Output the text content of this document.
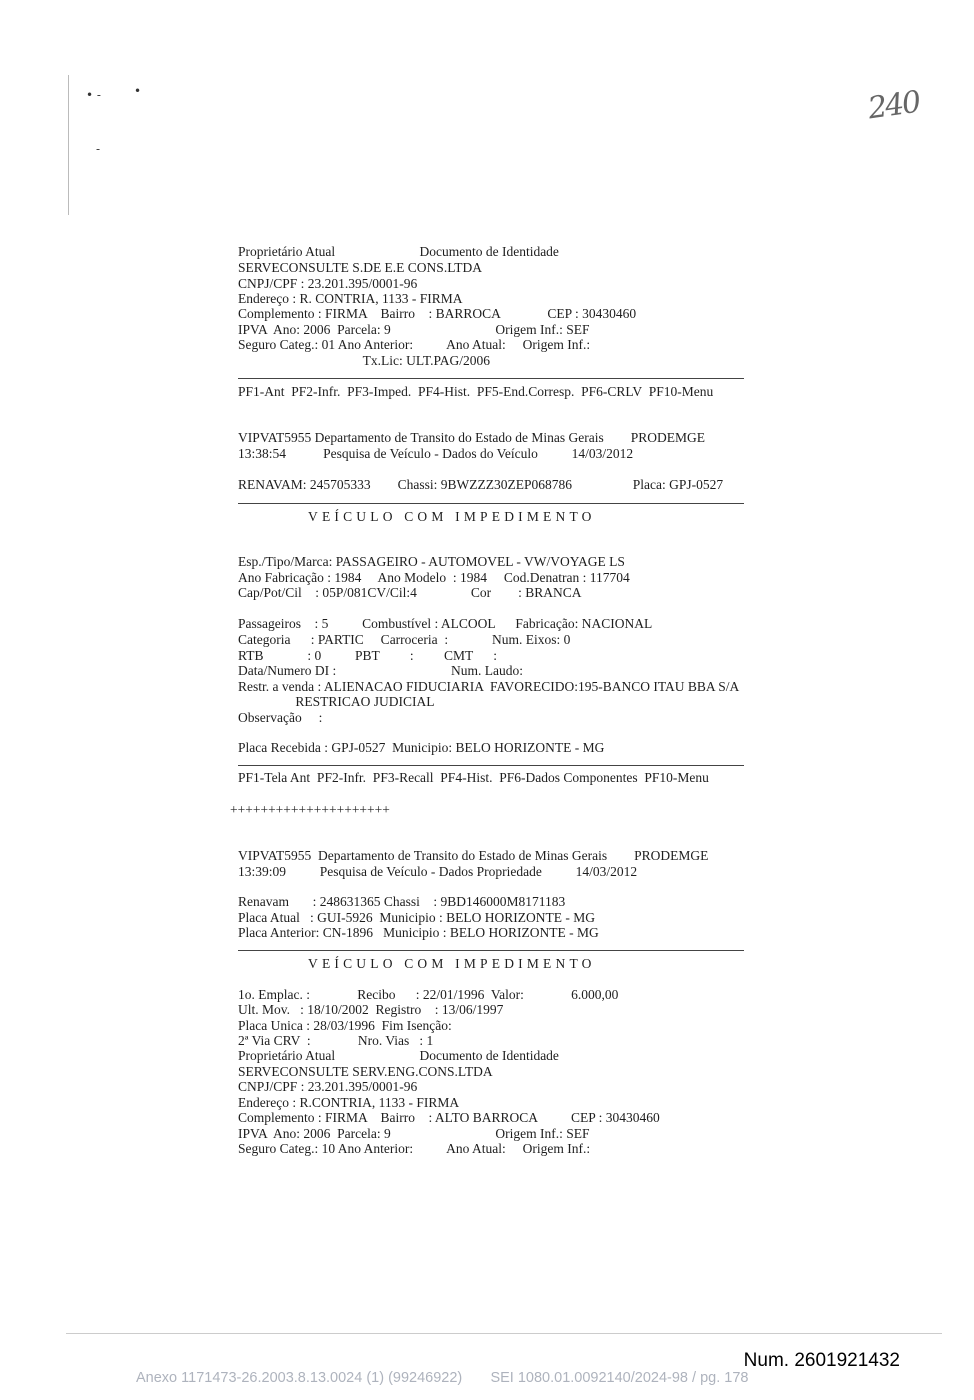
• -	•
-
240
Proprietário Atual                         Documento de Identidade
SERVECONSULTE S.DE E.E CONS.LTDA
CNPJ/CPF : 23.201.395/0001-96
Endereço : R. CONTRIA, 1133 - FIRMA
Complemento : FIRMA    Bairro    : BARROCA              CEP : 30430460
IPVA  Ano: 2006  Parcela: 9                               Origem Inf.: SEF
Seguro Categ.: 01 Ano Anterior:          Ano Atual:     Origem Inf.:
Tx.Lic: ULT.PAG/2006
PF1-Ant  PF2-Infr.  PF3-Imped.  PF4-Hist.  PF5-End.Corresp.  PF6-CRLV  PF10-Menu
VIPVAT5955 Departamento de Transito do Estado de Minas Gerais        PRODEMGE
13:38:54           Pesquisa de Veículo - Dados do Veículo          14/03/2012
RENAVAM: 245705333        Chassi: 9BWZZZ30ZEP068786                  Placa: GPJ-0527
VEÍCULO COM IMPEDIMENTO
Esp./Tipo/Marca: PASSAGEIRO - AUTOMOVEL - VW/VOYAGE LS
Ano Fabricação : 1984     Ano Modelo  : 1984     Cod.Denatran : 117704
Cap/Pot/Cil    : 05P/081CV/Cil:4                Cor        : BRANCA
Passageiros    : 5          Combustível : ALCOOL      Fabricação: NACIONAL
Categoria      : PARTIC     Carroceria  :             Num. Eixos: 0
RTB             : 0          PBT         :         CMT      :
Data/Numero DI :                                  Num. Laudo:
Restr. a venda : ALIENACAO FIDUCIARIA  FAVORECIDO:195-BANCO ITAU BBA S/A
RESTRICAO JUDICIAL
Observação     :
Placa Recebida : GPJ-0527  Municipio: BELO HORIZONTE - MG
PF1-Tela Ant  PF2-Infr.  PF3-Recall  PF4-Hist.  PF6-Dados Componentes  PF10-Menu
+++++++++++++++++++++
VIPVAT5955  Departamento de Transito do Estado de Minas Gerais        PRODEMGE
13:39:09          Pesquisa de Veículo - Dados Propriedade          14/03/2012
Renavam       : 248631365 Chassi    : 9BD146000M8171183
Placa Atual   : GUI-5926  Municipio : BELO HORIZONTE - MG
Placa Anterior: CN-1896   Municipio : BELO HORIZONTE - MG
VEÍCULO COM IMPEDIMENTO
1o. Emplac. :              Recibo      : 22/01/1996  Valor:              6.000,00
Ult. Mov.   : 18/10/2002  Registro    : 13/06/1997
Placa Unica : 28/03/1996  Fim Isenção:
2ª Via CRV  :              Nro. Vias   : 1
Proprietário Atual                         Documento de Identidade
SERVECONSULTE SERV.ENG.CONS.LTDA
CNPJ/CPF : 23.201.395/0001-96
Endereço : R.CONTRIA, 1133 - FIRMA
Complemento : FIRMA    Bairro    : ALTO BARROCA          CEP : 30430460
IPVA  Ano: 2006  Parcela: 9                               Origem Inf.: SEF
Seguro Categ.: 10 Ano Anterior:          Ano Atual:     Origem Inf.:
Num. 2601921432
Anexo 1171473-26.2003.8.13.0024 (1) (99246922)       SEI 1080.01.0092140/2024-98 / pg. 178
